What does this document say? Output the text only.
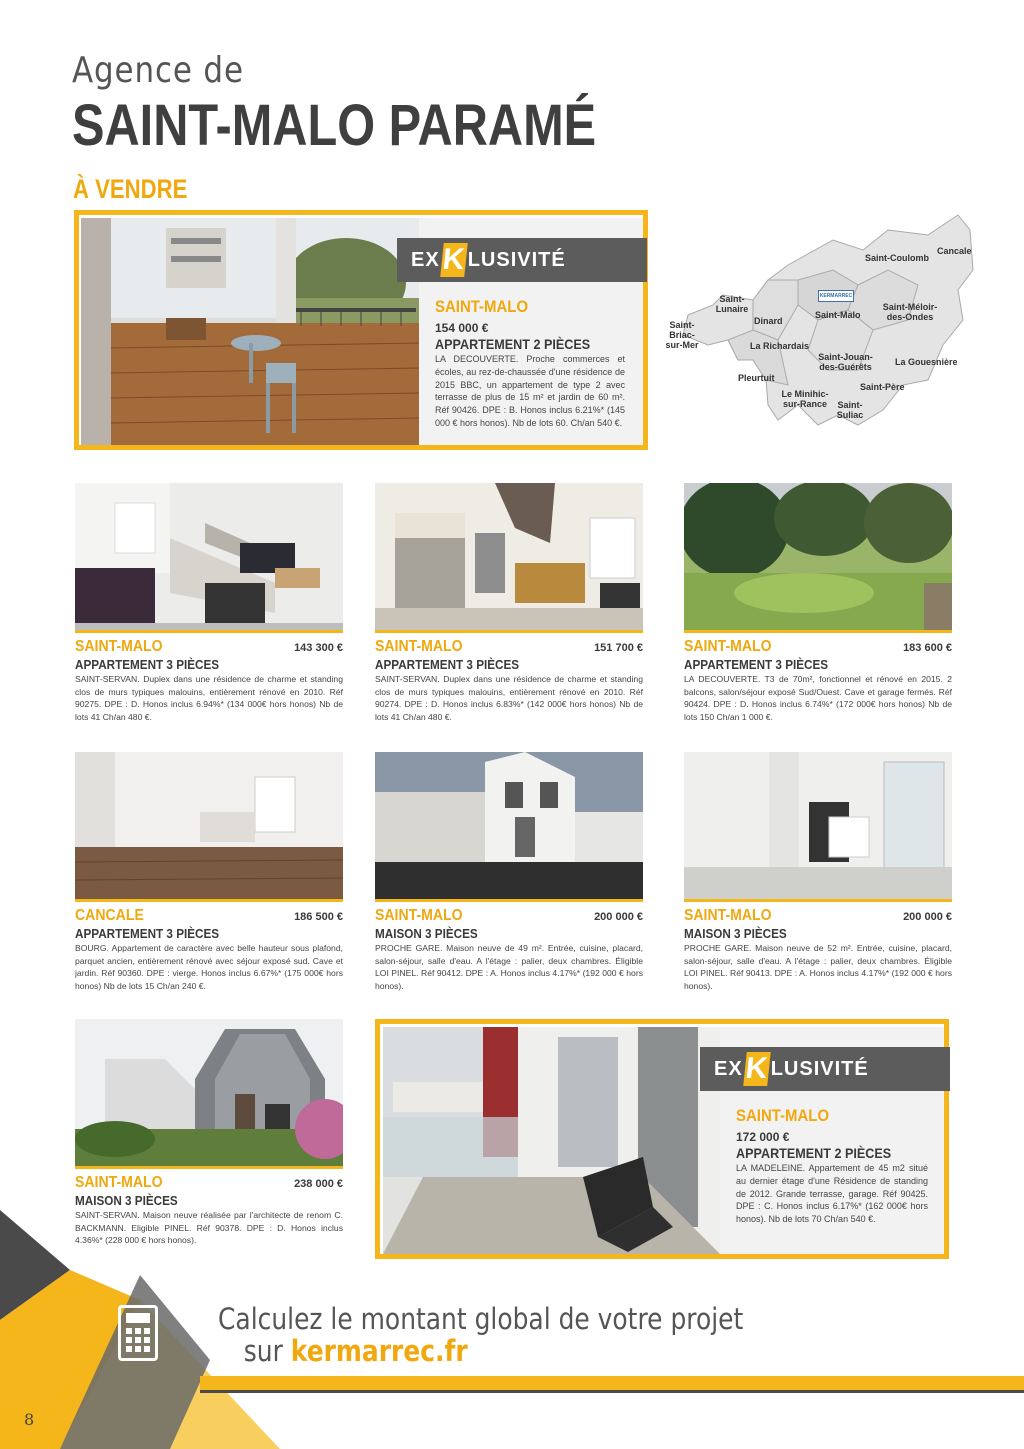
Agence de
SAINT-MALO PARAMÉ
À VENDRE
EX K LUSIVITÉ
SAINT-MALO
154 000 €
APPARTEMENT 2 PIÈCES
LA DECOUVERTE. Proche commerces et écoles, au rez-de-chaussée d'une résidence de 2015 BBC, un appartement de type 2 avec terrasse de plus de 15 m² et jardin de 60 m². Réf 90426. DPE : B. Honos inclus 6.21%* (145 000 € hors honos). Nb de lots 60. Ch/an 540 €.
KERMARREC
Saint-Coulomb
Cancale
Saint-
Lunaire
Dinard
Saint-Malo
Saint-Méloir-
des-Ondes
Saint-Briac-
sur-Mer	La Richardais
Saint-Jouan-
des-Guérêts	La Gouesnière
Pleurtuit
Saint-Père
Le Minihic-
sur-Rance	Saint-
Suliac
SAINT-MALO	143 300 €
APPARTEMENT 3 PIÈCES
SAINT-SERVAN. Duplex dans une résidence de charme et standing clos de murs typiques malouins, entièrement rénové en 2010. Réf 90275. DPE : D. Honos inclus 6.94%* (134 000€ hors honos) Nb de lots 41 Ch/an 480 €.
SAINT-MALO	151 700 €
APPARTEMENT 3 PIÈCES
SAINT-SERVAN. Duplex dans une résidence de charme et standing clos de murs typiques malouins, entièrement rénové en 2010. Réf 90274. DPE : D. Honos inclus 6.83%* (142 000€ hors honos) Nb de lots 41 Ch/an 480 €.
SAINT-MALO	183 600 €
APPARTEMENT 3 PIÈCES
LA DECOUVERTE. T3 de 70m², fonctionnel et rénové en 2015. 2 balcons, salon/séjour exposé Sud/Ouest. Cave et garage fermés. Réf 90424. DPE : D. Honos inclus 6.74%* (172 000€ hors honos) Nb de lots 150 Ch/an 1 000 €.
CANCALE	186 500 €
APPARTEMENT 3 PIÈCES
BOURG. Appartement de caractère avec belle hauteur sous plafond, parquet ancien, entièrement rénové avec séjour exposé sud. Cave et jardin. Réf 90360. DPE : vierge. Honos inclus 6.67%* (175 000€ hors honos) Nb de lots 15 Ch/an 240 €.
SAINT-MALO	200 000 €
MAISON 3 PIÈCES
PROCHE GARE. Maison neuve de 49 m². Entrée, cuisine, placard, salon-séjour, salle d'eau. A l'étage : palier, deux chambres. Éligible LOI PINEL. Réf 90412. DPE : A. Honos inclus 4.17%* (192 000 € hors honos).
SAINT-MALO	200 000 €
MAISON 3 PIÈCES
PROCHE GARE. Maison neuve de 52 m². Entrée, cuisine, placard, salon-séjour, salle d'eau. A l'étage : palier, deux chambres. Éligible LOI PINEL. Réf 90413. DPE : A. Honos inclus 4.17%* (192 000 € hors honos).
SAINT-MALO	238 000 €
MAISON 3 PIÈCES
SAINT-SERVAN. Maison neuve réalisée par l'architecte de renom C. BACKMANN. Eligible PINEL. Réf 90378. DPE : D. Honos inclus 4.36%* (228 000 € hors honos).
EX K LUSIVITÉ
SAINT-MALO
172 000 €
APPARTEMENT 2 PIÈCES
LA MADELEINE. Appartement de 45 m2 situé au dernier étage d'une Résidence de standing de 2012. Grande terrasse, garage. Réf 90425. DPE : C. Honos inclus 6.17%* (162 000€ hors honos). Nb de lots 70 Ch/an 540 €.
Calculez le montant global de votre projet
sur kermarrec.fr
8
